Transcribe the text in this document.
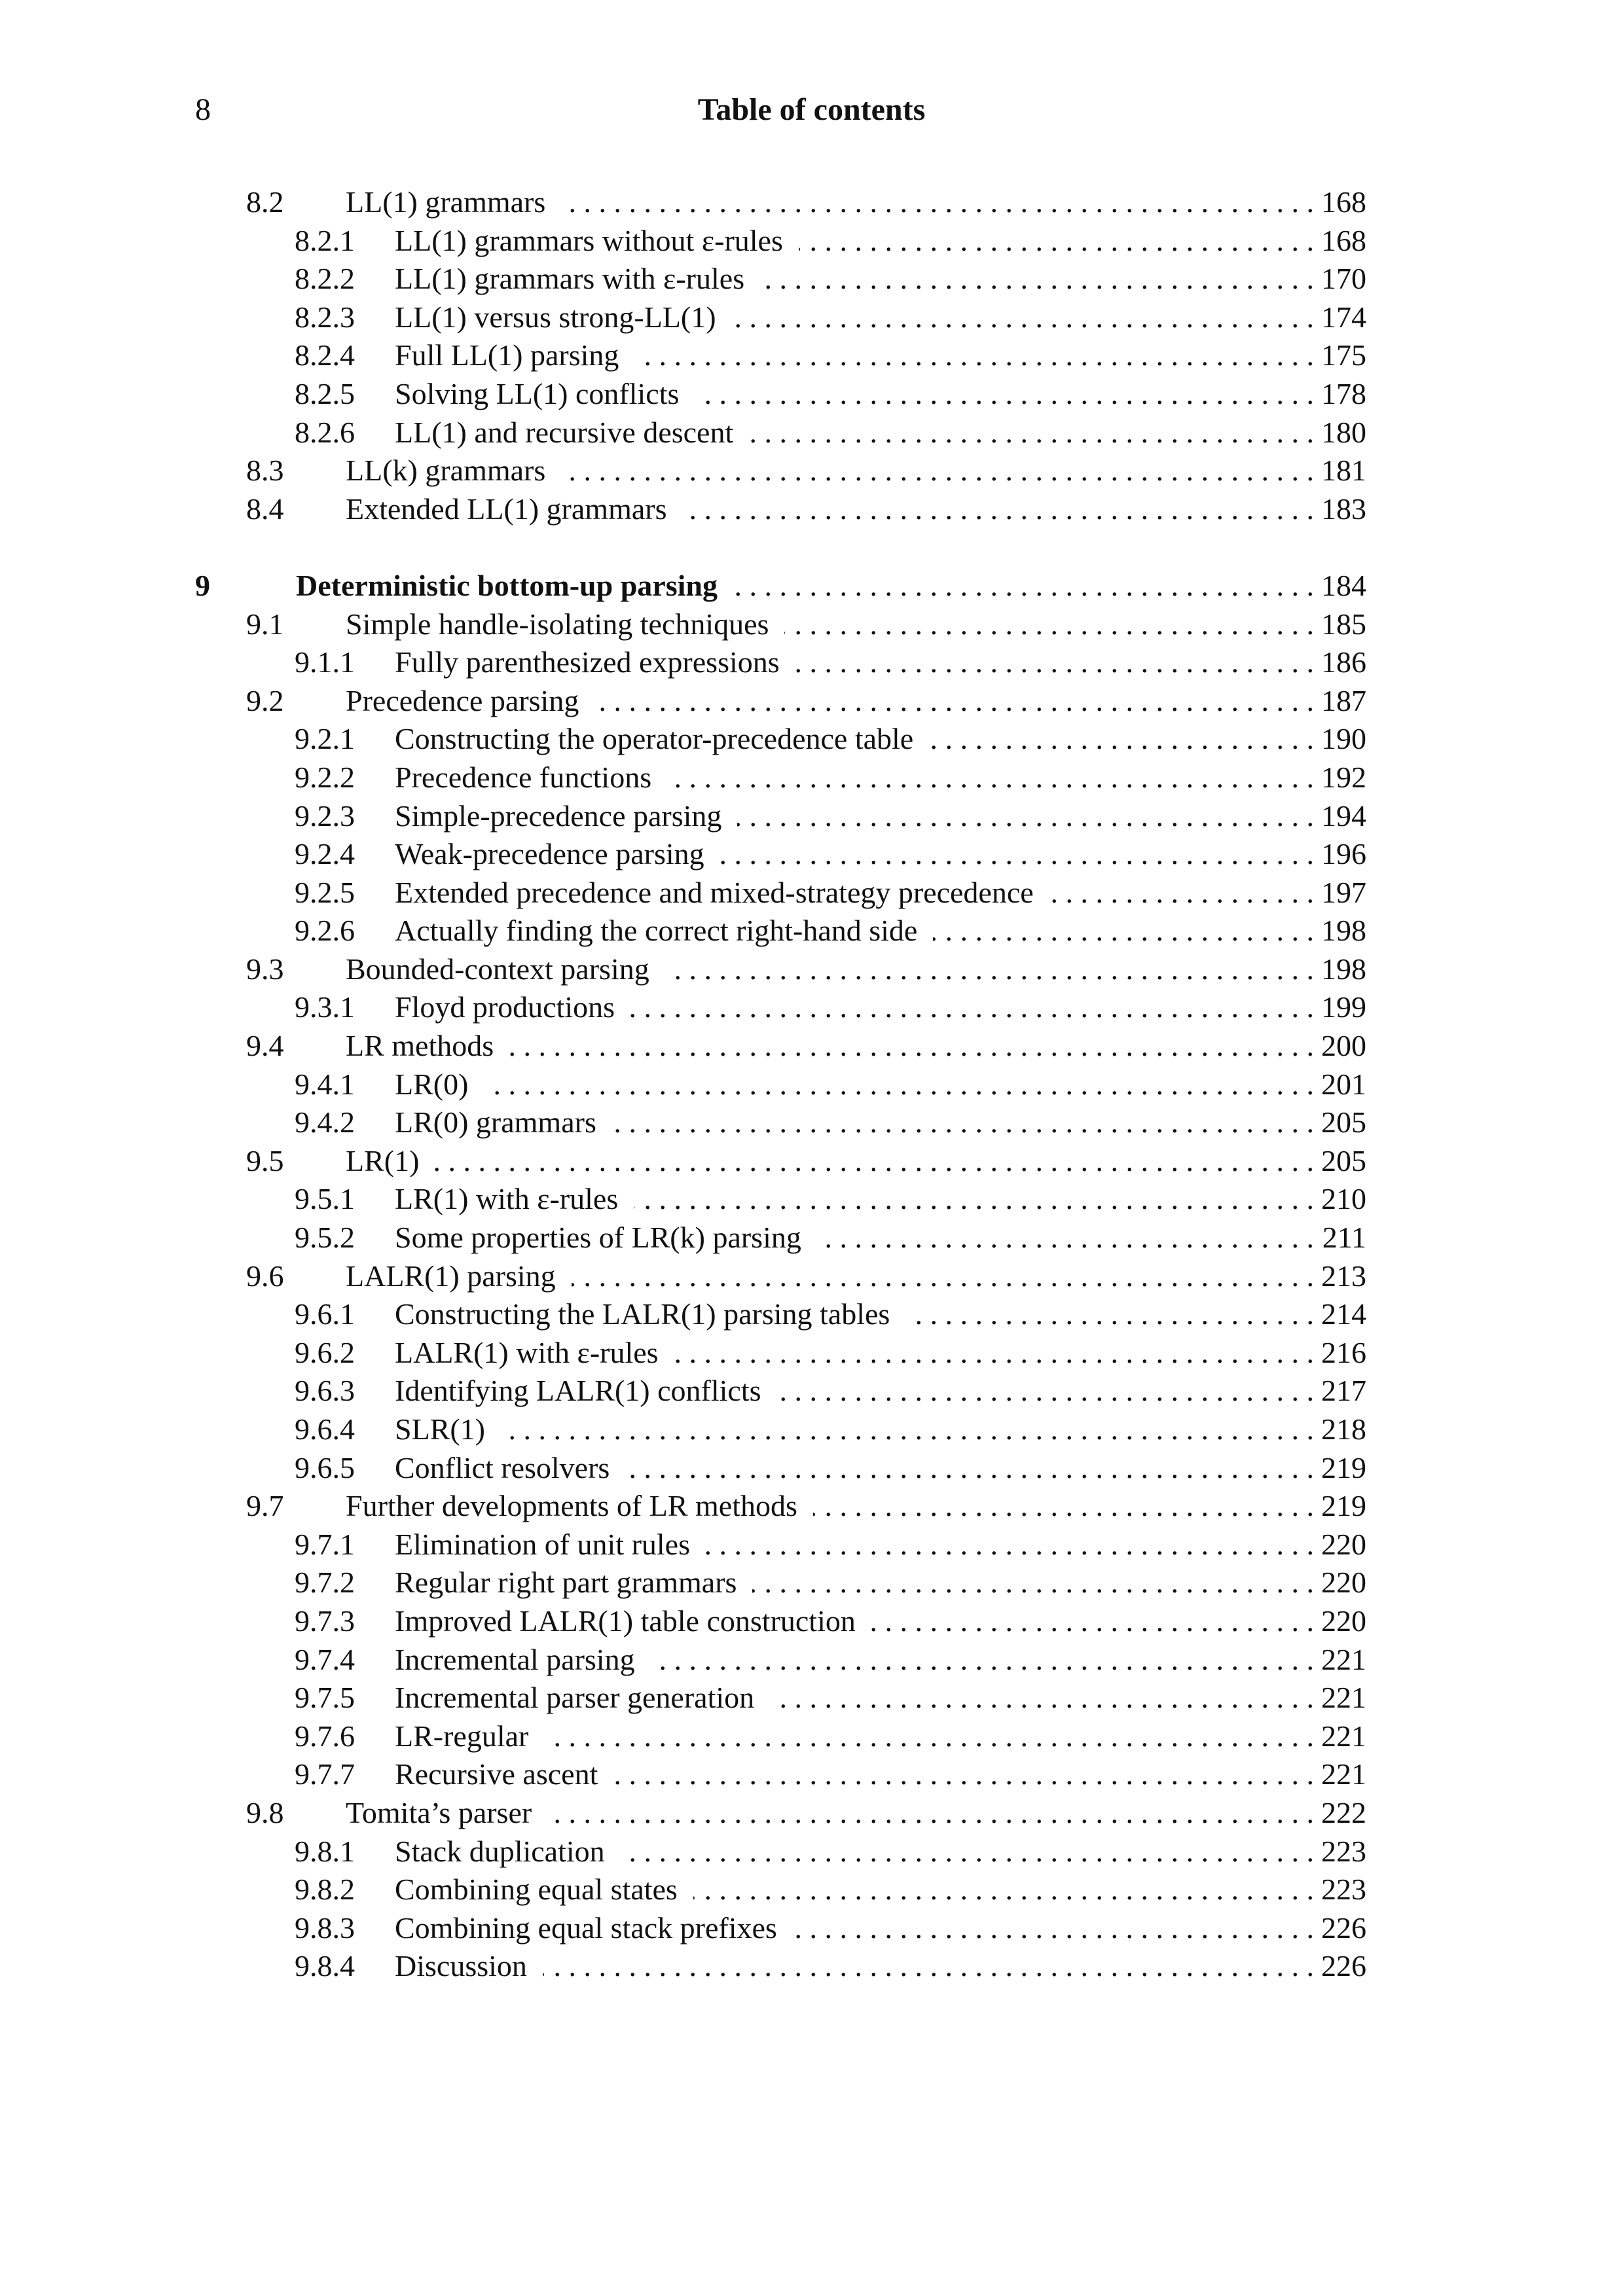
8	Table of contents
8.2 LL(1) grammars . . .	168
8.2.1 LL(1) grammars without ε-rules . . .	168
8.2.2 LL(1) grammars with ε-rules . . .	170
8.2.3 LL(1) versus strong-LL(1) . . .	174
8.2.4 Full LL(1) parsing . . .	175
8.2.5 Solving LL(1) conflicts . . .	178
8.2.6 LL(1) and recursive descent . . .	180
8.3 LL(k) grammars . . .	181
8.4 Extended LL(1) grammars . . .	183
9	Deterministic bottom-up parsing . . .	184
9.1 Simple handle-isolating techniques . . .	185
9.1.1 Fully parenthesized expressions . . .	186
9.2 Precedence parsing . . .	187
9.2.1 Constructing the operator-precedence table . . .	190
9.2.2 Precedence functions . . .	192
9.2.3 Simple-precedence parsing . . .	194
9.2.4 Weak-precedence parsing . . .	196
9.2.5 Extended precedence and mixed-strategy precedence . . .	197
9.2.6 Actually finding the correct right-hand side . . .	198
9.3 Bounded-context parsing . . .	198
9.3.1 Floyd productions . . .	199
9.4 LR methods . . .	200
9.4.1 LR(0) . . .	201
9.4.2 LR(0) grammars . . .	205
9.5 LR(1) . . .	205
9.5.1 LR(1) with ε-rules . . .	210
9.5.2 Some properties of LR(k) parsing . . .	211
9.6 LALR(1) parsing . . .	213
9.6.1 Constructing the LALR(1) parsing tables . . .	214
9.6.2 LALR(1) with ε-rules . . .	216
9.6.3 Identifying LALR(1) conflicts . . .	217
9.6.4 SLR(1) . . .	218
9.6.5 Conflict resolvers . . .	219
9.7 Further developments of LR methods . . .	219
9.7.1 Elimination of unit rules . . .	220
9.7.2 Regular right part grammars . . .	220
9.7.3 Improved LALR(1) table construction . . .	220
9.7.4 Incremental parsing . . .	221
9.7.5 Incremental parser generation . . .	221
9.7.6 LR-regular . . .	221
9.7.7 Recursive ascent . . .	221
9.8 Tomita’s parser . . .	222
9.8.1 Stack duplication . . .	223
9.8.2 Combining equal states . . .	223
9.8.3 Combining equal stack prefixes . . .	226
9.8.4 Discussion . . .	226
